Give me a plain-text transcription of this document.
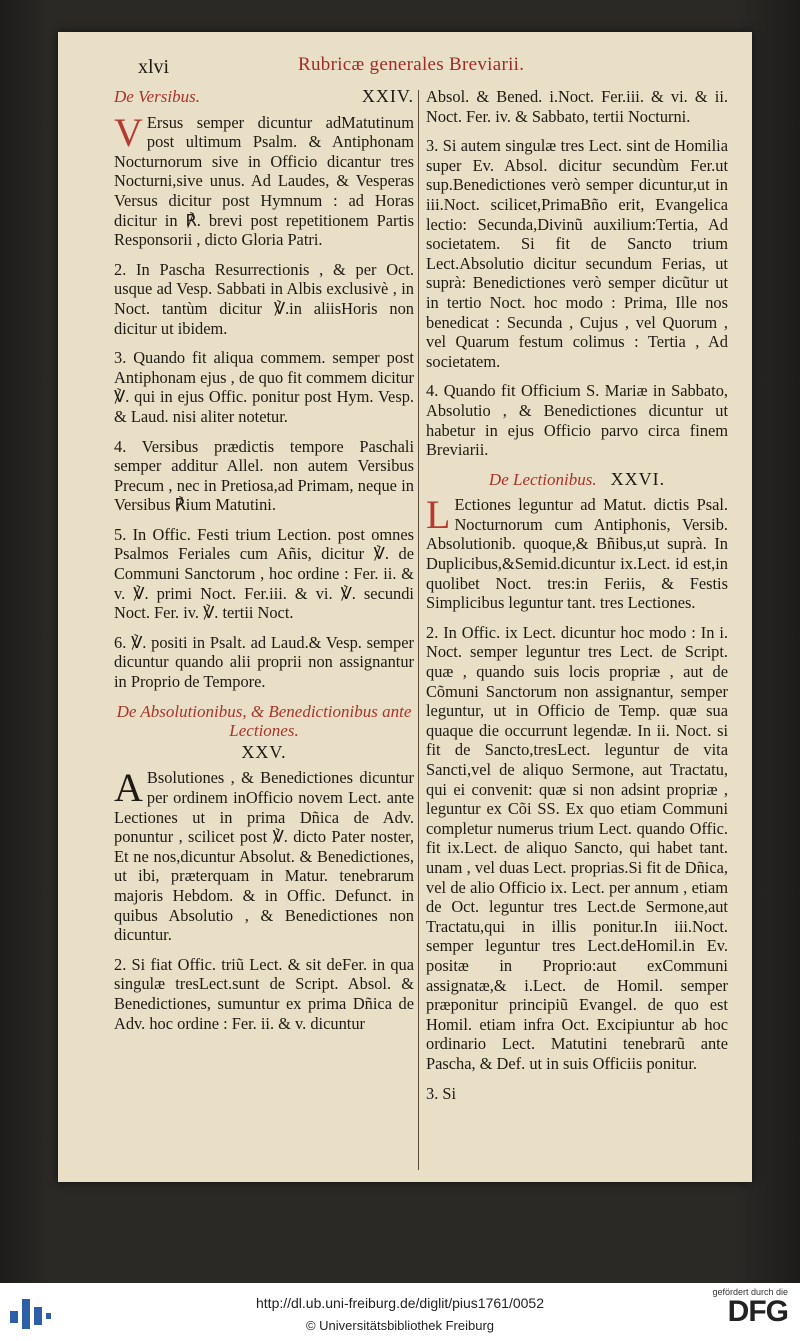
xlvi	Rubricæ generales Breviarii.
De Versibus.	XXIV.

V Ersus semper dicuntur adMatutinum post ultimum Psalm. & Antiphonam Nocturnorum sive in Officio dicantur tres Nocturni,sive unus. Ad Laudes, & Vesperas Versus dicitur post Hymnum : ad Horas dicitur in ℟. brevi post repetitionem Partis Responsorii , dicto Gloria Patri.

2. In Pascha Resurrectionis , & per Oct. usque ad Vesp. Sabbati in Albis exclusivè , in Noct. tantùm dicitur ℣.in aliisHoris non dicitur ut ibidem.

3. Quando fit aliqua commem. semper post Antiphonam ejus , de quo fit commem dicitur ℣. qui in ejus Offic. ponitur post Hym. Vesp. & Laud. nisi aliter notetur.

4. Versibus prædictis tempore Paschali semper additur Allel. non autem Versibus Precum , nec in Pretiosa,ad Primam, neque in Versibus ℟ium Matutini.

5. In Offic. Festi trium Lection. post omnes Psalmos Feriales cum Añis, dicitur ℣. de Communi Sanctorum , hoc ordine : Fer. ii. & v. ℣. primi Noct. Fer.iii. & vi. ℣. secundi Noct. Fer. iv. ℣. tertii Noct.

6. ℣. positi in Psalt. ad Laud.& Vesp. semper dicuntur quando alii proprii non assignantur in Proprio de Tempore.

De Absolutionibus, & Benedictionibus ante Lectiones.
XXV.

A Bsolutiones , & Benedictiones dicuntur per ordinem inOfficio novem Lect. ante Lectiones ut in prima Dñica de Adv. ponuntur , scilicet post ℣. dicto Pater noster, Et ne nos,dicuntur Absolut. & Benedictiones, ut ibi, præterquam in Matur. tenebrarum majoris Hebdom. & in Offic. Defunct. in quibus Absolutio , & Benedictiones non dicuntur.

2. Si fiat Offic. triũ Lect. & sit deFer. in qua singulæ tresLect.sunt de Script. Absol. & Benedictiones, sumuntur ex prima Dñica de Adv. hoc ordine : Fer. ii. & v. dicuntur

Absol. & Bened. i.Noct. Fer.iii. & vi. & ii. Noct. Fer. iv. & Sabbato, tertii Nocturni.

3. Si autem singulæ tres Lect. sint de Homilia super Ev. Absol. dicitur secundùm Fer.ut sup.Benedictiones verò semper dicuntur,ut in iii.Noct. scilicet,PrimaBño erit, Evangelica lectio: Secunda,Divinũ auxilium:Tertia, Ad societatem. Si fit de Sancto trium Lect.Absolutio dicitur secundum Ferias, ut suprà: Benedictiones verò semper dicũtur ut in tertio Noct. hoc modo : Prima, Ille nos benedicat : Secunda , Cujus , vel Quorum , vel Quarum festum colimus : Tertia , Ad societatem.

4. Quando fit Officium S. Mariæ in Sabbato, Absolutio , & Benedictiones dicuntur ut habetur in ejus Officio parvo circa finem Breviarii.

De Lectionibus. XXVI.

L Ectiones leguntur ad Matut. dictis Psal. Nocturnorum cum Antiphonis, Versib. Absolutionib. quoque,& Bñibus,ut suprà. In Duplicibus,&Semid.dicuntur ix.Lect. id est,in quolibet Noct. tres:in Feriis, & Festis Simplicibus leguntur tant. tres Lectiones.

2. In Offic. ix Lect. dicuntur hoc modo : In i. Noct. semper leguntur tres Lect. de Script. quæ , quando suis locis propriæ , aut de Cõmuni Sanctorum non assignantur, semper leguntur, ut in Officio de Temp. quæ sua quaque die occurrunt legendæ. In ii. Noct. si fit de Sancto,tresLect. leguntur de vita Sancti,vel de aliquo Sermone, aut Tractatu, qui ei convenit: quæ si non adsint propriæ , leguntur ex Cõi SS. Ex quo etiam Communi completur numerus trium Lect. quando Offic. fit ix.Lect. de aliquo Sancto, qui habet tant. unam , vel duas Lect. proprias.Si fit de Dñica, vel de alio Officio ix. Lect. per annum , etiam de Oct. leguntur tres Lect.de Sermone,aut Tractatu,qui in illis ponitur.In iii.Noct. semper leguntur tres Lect.deHomil.in Ev. positæ in Proprio:aut exCommuni assignatæ,& i.Lect. de Homil. semper præponitur principiũ Evangel. de quo est Homil. etiam infra Oct. Excipiuntur ab hoc ordinario Lect. Matutini tenebrarũ ante Pascha, & Def. ut in suis Officiis ponitur.

3. Si

http://dl.ub.uni-freiburg.de/diglit/pius1761/0052
© Universitätsbibliothek Freiburg
gefördert durch die
DFG
